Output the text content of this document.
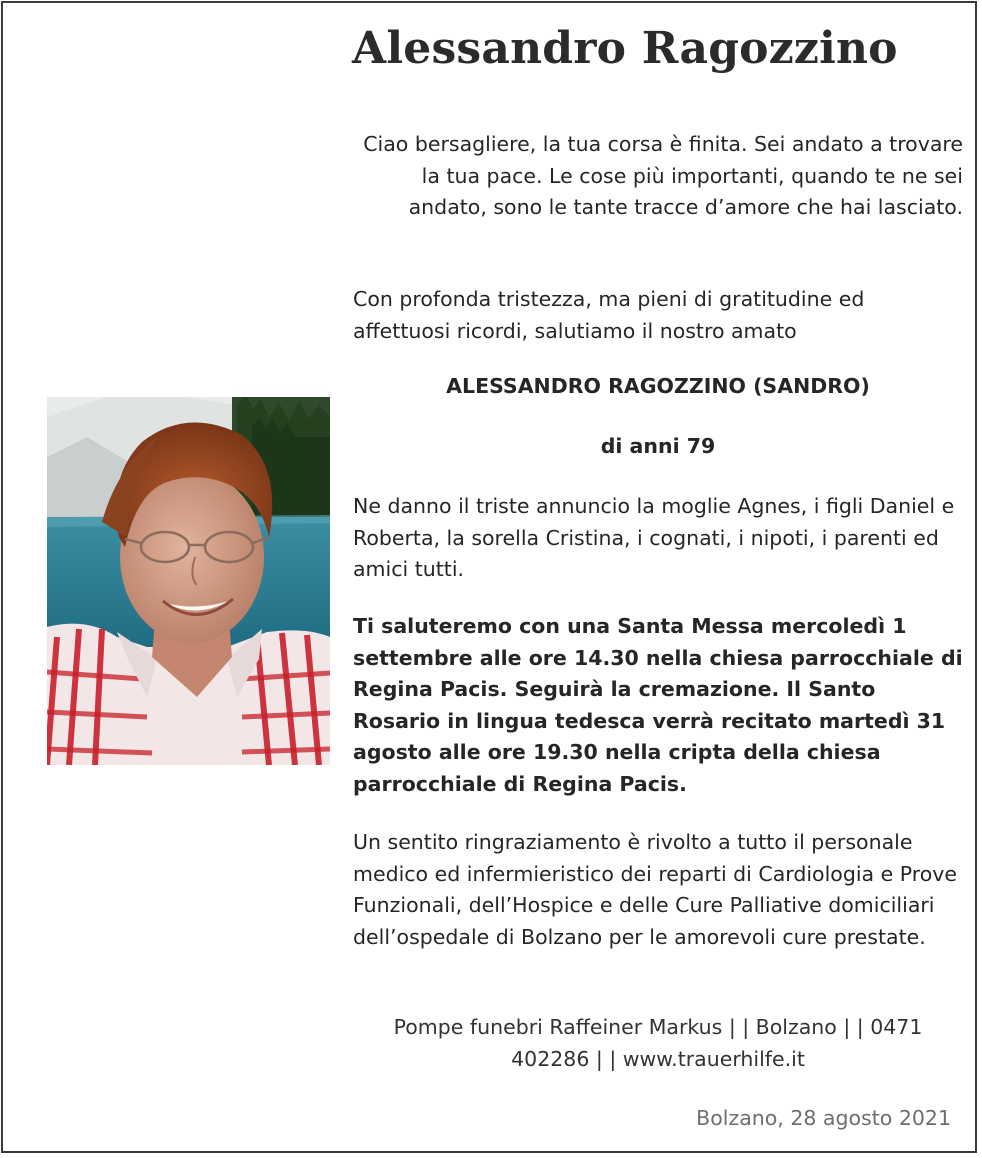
Alessandro Ragozzino

Ciao bersagliere, la tua corsa è finita. Sei andato a trovare la tua pace. Le cose più importanti, quando te ne sei andato, sono le tante tracce d’amore che hai lasciato.

Con profonda tristezza, ma pieni di gratitudine ed affettuosi ricordi, salutiamo il nostro amato

ALESSANDRO RAGOZZINO (SANDRO)

di anni 79

Ne danno il triste annuncio la moglie Agnes, i figli Daniel e Roberta, la sorella Cristina, i cognati, i nipoti, i parenti ed amici tutti.

Ti saluteremo con una Santa Messa mercoledì 1 settembre alle ore 14.30 nella chiesa parrocchiale di Regina Pacis. Seguirà la cremazione. Il Santo Rosario in lingua tedesca verrà recitato martedì 31 agosto alle ore 19.30 nella cripta della chiesa parrocchiale di Regina Pacis.

Un sentito ringraziamento è rivolto a tutto il personale medico ed infermieristico dei reparti di Cardiologia e Prove Funzionali, dell’Hospice e delle Cure Palliative domiciliari dell’ospedale di Bolzano per le amorevoli cure prestate.

Pompe funebri Raffeiner Markus | | Bolzano | | 0471 402286 | | www.trauerhilfe.it

Bolzano, 28 agosto 2021
